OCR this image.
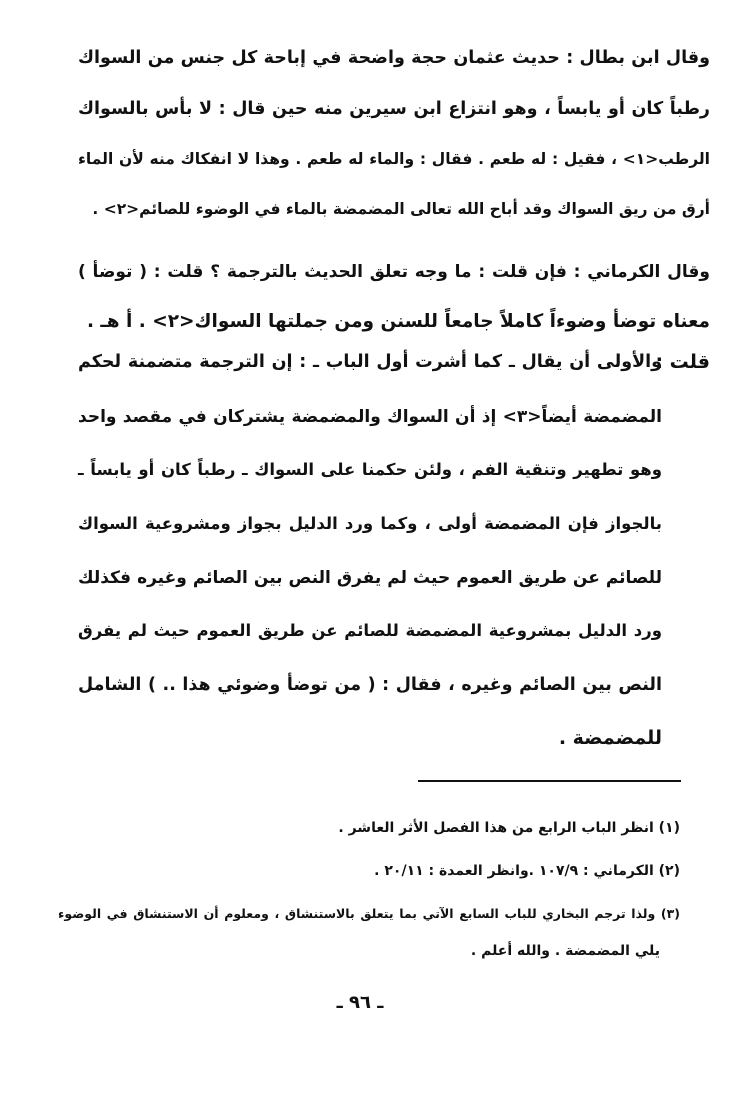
وقال ابن بطال : حديث عثمان حجة واضحة في إباحة كل جنس من السواك
رطباً كان أو يابساً ، وهو انتزاع ابن سيرين منه حين قال : لا بأس بالسواك
الرطب<١> ، فقيل : له طعم . فقال : والماء له طعم . وهذا لا انفكاك منه لأن الماء
أرق من ريق السواك وقد أباح الله تعالى المضمضة بالماء في الوضوء للصائم<٢> .
وقال الكرماني : فإن قلت : ما وجه تعلق الحديث بالترجمة ؟ قلت : ( توضأ )
معناه توضأ وضوءاً كاملاً جامعاً للسنن ومن جملتها السواك<٢> . أ هـ .
قلت :
والأولى أن يقال ـ كما أشرت أول الباب ـ : إن الترجمة متضمنة لحكم
المضمضة أيضاً<٣> إذ أن السواك والمضمضة يشتركان في مقصد واحد
وهو تطهير وتنقية الفم ، ولئن حكمنا على السواك ـ رطباً كان أو يابساً ـ
بالجواز فإن المضمضة أولى ، وكما ورد الدليل بجواز ومشروعية السواك
للصائم عن طريق العموم حيث لم يفرق النص بين الصائم وغيره فكذلك
ورد الدليل بمشروعية المضمضة للصائم عن طريق العموم حيث لم يفرق
النص بين الصائم وغيره ، فقال : ( من توضأ وضوئي هذا .. ) الشامل
للمضمضة .
(١) انظر الباب الرابع من هذا الفصل الأثر العاشر .
(٢) الكرماني : ١٠٧/٩ .وانظر العمدة : ٢٠/١١ .
(٣) ولذا ترجم البخاري للباب السابع الآتي بما يتعلق بالاستنشاق ، ومعلوم أن الاستنشاق في الوضوء
يلي المضمضة . والله أعلم .
ـ ٩٦ ـ
